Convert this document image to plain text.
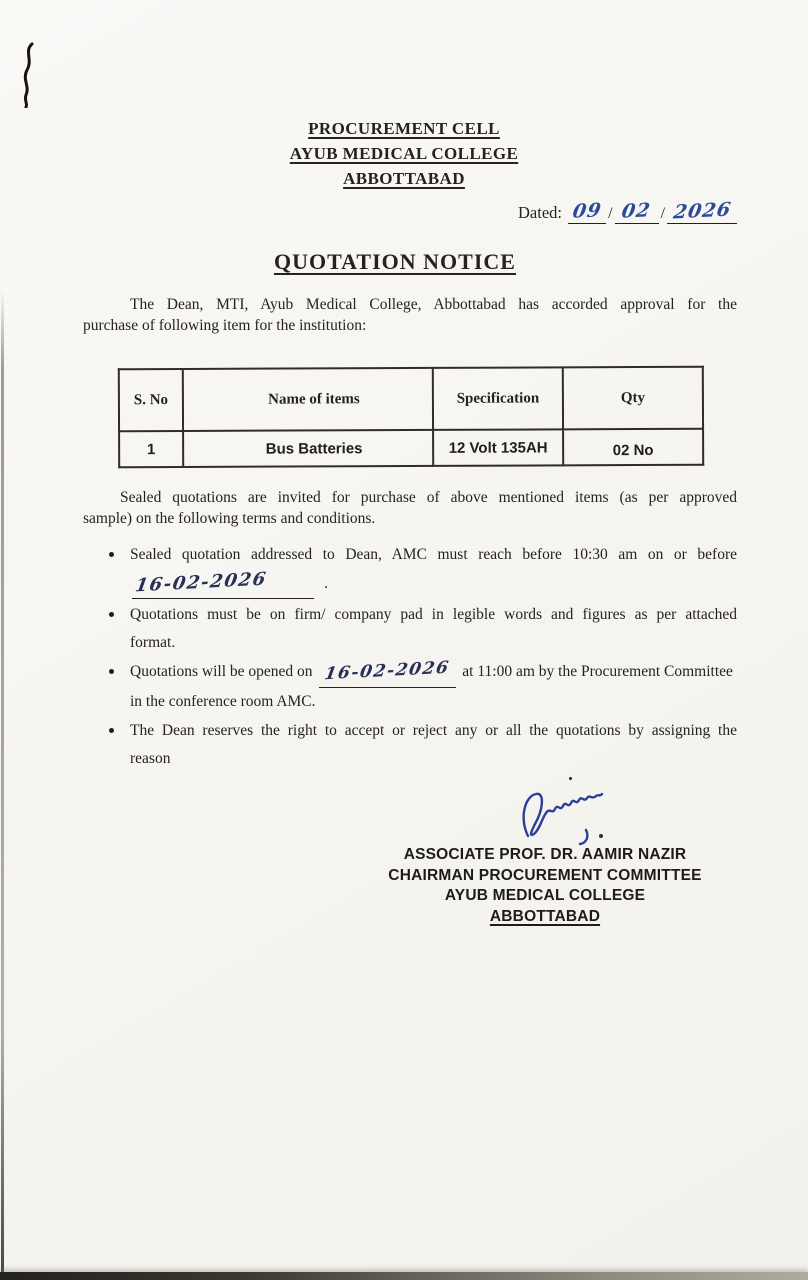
PROCUREMENT CELL
AYUB MEDICAL COLLEGE
ABBOTTABAD
Dated: 09 / 02 / 2026
QUOTATION NOTICE

The Dean, MTI, Ayub Medical College, Abbottabad has accorded approval for the
purchase of following item for the institution:

S. No	Name of items	Specification	Qty
1	Bus Batteries	12 Volt 135AH	02 No

Sealed quotations are invited for purchase of above mentioned items (as per approved
sample) on the following terms and conditions.

Sealed quotation addressed to Dean, AMC must reach before 10:30 am on or before
16-02-2026	.
Quotations must be on firm/ company pad in legible words and figures as per attached
format.
Quotations will be opened on 16-02-2026 at 11:00 am by the Procurement Committee
in the conference room AMC.
The Dean reserves the right to accept or reject any or all the quotations by assigning the
reason
ASSOCIATE PROF. DR. AAMIR NAZIR
CHAIRMAN PROCUREMENT COMMITTEE
AYUB MEDICAL COLLEGE
ABBOTTABAD
